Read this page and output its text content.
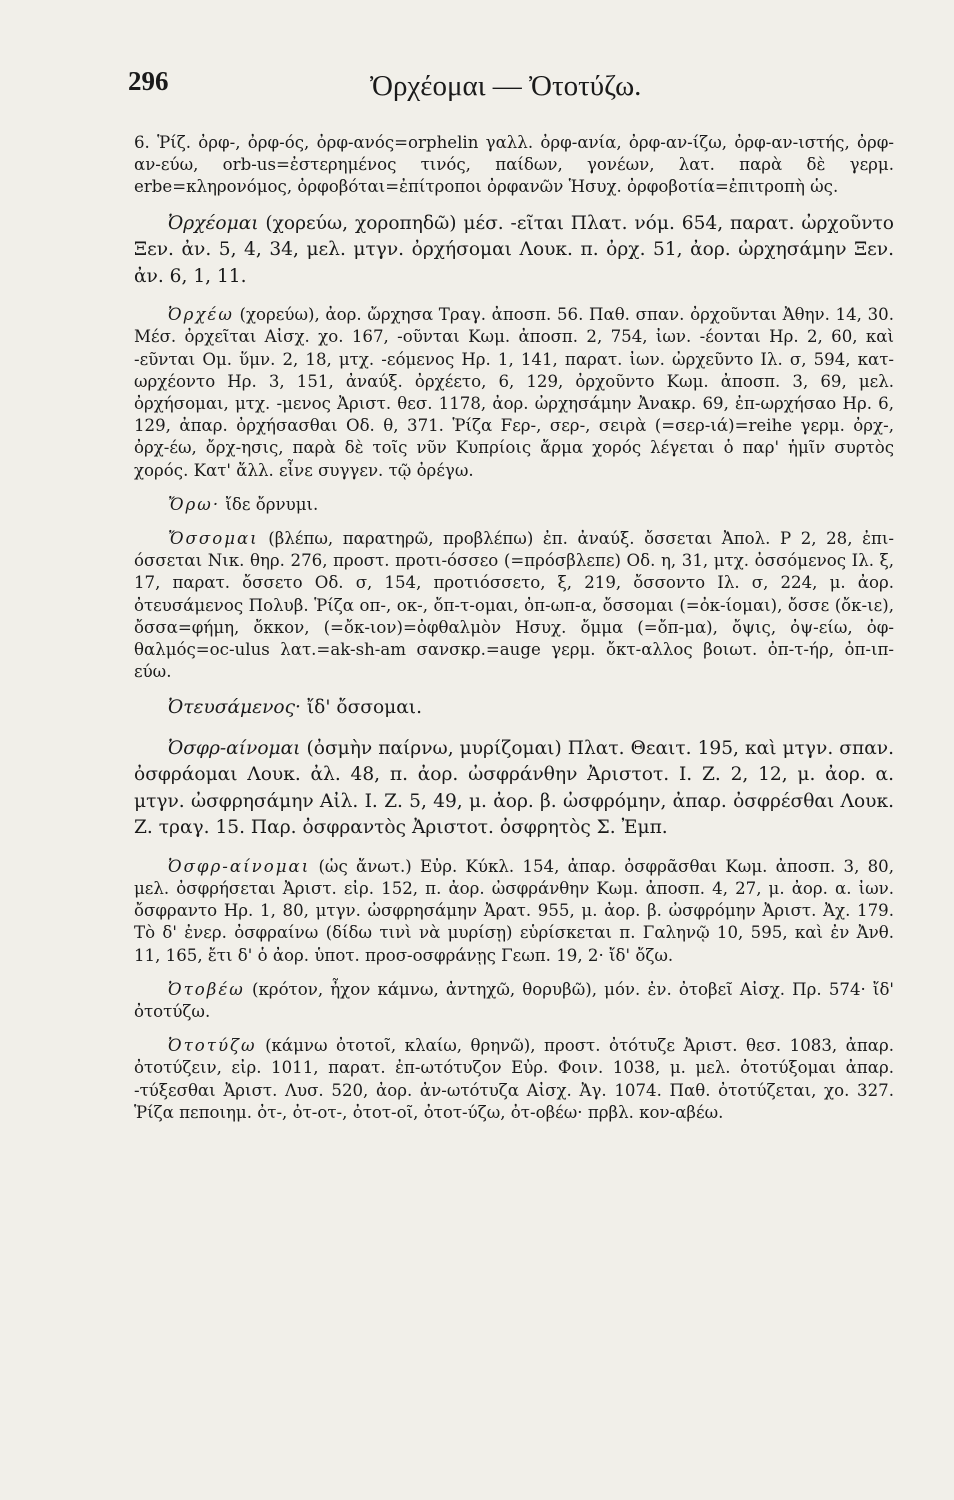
296	Ὀρχέομαι — Ὀτοτύζω.

6. Ῥίζ. ὀρφ-, ὀρφ-ός, ὀρφ-ανός=orphelin γαλλ. ὀρφ-ανία, ὀρφ-αν-ίζω, ὀρφ-αν-ιστής, ὀρφ-αν-εύω, orb-us=ἐστερημένος τινός, παίδων, γονέων, λατ. παρὰ δὲ γερμ. erbe=κληρονόμος, ὀρφοβόται=ἐπίτροποι ὀρφανῶν Ἡσυχ. ὀρφοβοτία=ἐπιτροπὴ ὡς.

Ὀρχέομαι (χορεύω, χοροπηδῶ) μέσ. -εῖται Πλατ. νόμ. 654, παρατ. ὠρχοῦντο Ξεν. ἀν. 5, 4, 34, μελ. μτγν. ὀρχήσομαι Λουκ. π. ὀρχ. 51, ἀορ. ὠρχησάμην Ξεν. ἀν. 6, 1, 11.

Ὀρχέω (χορεύω), ἀορ. ὤρχησα Τραγ. ἀποσπ. 56. Παθ. σπαν. ὀρχοῦνται Ἀθην. 14, 30. Μέσ. ὀρχεῖται Αἰσχ. χο. 167, -οῦνται Κωμ. ἀποσπ. 2, 754, ἰων. -έονται Ηρ. 2, 60, καὶ -εῦνται Ομ. ὕμν. 2, 18, μτχ. -εόμενος Ηρ. 1, 141, παρατ. ἰων. ὠρχεῦντο Ιλ. σ, 594, κατ-ωρχέοντο Ηρ. 3, 151, ἀναύξ. ὀρχέετο, 6, 129, ὀρχοῦντο Κωμ. ἀποσπ. 3, 69, μελ. ὀρχήσομαι, μτχ. -μενος Ἀριστ. θεσ. 1178, ἀορ. ὠρχησάμην Ἀνακρ. 69, ἐπ-ωρχήσαο Ηρ. 6, 129, ἀπαρ. ὀρχήσασθαι Οδ. θ, 371. Ῥίζα Fερ-, σερ-, σειρὰ (=σερ-ιά)=reihe γερμ. ὀρχ-, ὀρχ-έω, ὄρχ-ησις, παρὰ δὲ τοῖς νῦν Κυπρίοις ἄρμα χορός λέγεται ὁ παρ' ἡμῖν συρτὸς χορός. Κατ' ἄλλ. εἶνε συγγεν. τῷ ὀρέγω.

Ὄρω· ἴδε ὄρνυμι.

Ὄσσομαι (βλέπω, παρατηρῶ, προβλέπω) ἐπ. ἀναύξ. ὄσσεται Ἀπολ. Ρ 2, 28, ἐπι-όσσεται Νικ. θηρ. 276, προστ. προτι-όσσεο (=πρόσβλεπε) Οδ. η, 31, μτχ. ὀσσόμενος Ιλ. ξ, 17, παρατ. ὄσσετο Οδ. σ, 154, προτιόσσετο, ξ, 219, ὄσσοντο Ιλ. σ, 224, μ. ἀορ. ὀτευσάμενος Πολυβ. Ῥίζα οπ-, οκ-, ὄπ-τ-ομαι, ὀπ-ωπ-α, ὄσσομαι (=ὀκ-ίομαι), ὄσσε (ὄκ-ιε), ὄσσα=φήμη, ὄκκον, (=ὄκ-ιον)=ὀφθαλμὸν Ησυχ. ὄμμα (=ὄπ-μα), ὄψις, ὀψ-είω, ὀφ-θαλμός=oc-ulus λατ.=ak-sh-am σανσκρ.=auge γερμ. ὄκτ-αλλος βοιωτ. ὀπ-τ-ήρ, ὀπ-ιπ-εύω.

Ὀτευσάμενος· ἴδ' ὄσσομαι.

Ὀσφρ-αίνομαι (ὀσμὴν παίρνω, μυρίζομαι) Πλατ. Θεαιτ. 195, καὶ μτγν. σπαν. ὀσφράομαι Λουκ. ἀλ. 48, π. ἀορ. ὠσφράνθην Ἀριστοτ. Ι. Ζ. 2, 12, μ. ἀορ. α. μτγν. ὠσφρησάμην Αἰλ. Ι. Ζ. 5, 49, μ. ἀορ. β. ὠσφρόμην, ἀπαρ. ὀσφρέσθαι Λουκ. Ζ. τραγ. 15. Παρ. ὀσφραντὸς Ἀριστοτ. ὀσφρητὸς Σ. Ἐμπ.

Ὀσφρ-αίνομαι (ὡς ἄνωτ.) Εὐρ. Κύκλ. 154, ἀπαρ. ὀσφρᾶσθαι Κωμ. ἀποσπ. 3, 80, μελ. ὀσφρήσεται Ἀριστ. εἰρ. 152, π. ἀορ. ὠσφράνθην Κωμ. ἀποσπ. 4, 27, μ. ἀορ. α. ἰων. ὄσφραντο Ηρ. 1, 80, μτγν. ὠσφρησάμην Ἀρατ. 955, μ. ἀορ. β. ὠσφρόμην Ἀριστ. Ἀχ. 179. Τὸ δ' ἐνερ. ὀσφραίνω (δίδω τινὶ νὰ μυρίσῃ) εὑρίσκεται π. Γαληνῷ 10, 595, καὶ ἐν Ἀνθ. 11, 165, ἔτι δ' ὁ ἀορ. ὑποτ. προσ-οσφράνῃς Γεωπ. 19, 2· ἴδ' ὄζω.

Ὀτοβέω (κρότον, ἦχον κάμνω, ἀντηχῶ, θορυβῶ), μόν. ἐν. ὀτοβεῖ Αἰσχ. Πρ. 574· ἴδ' ὀτοτύζω.

Ὀτοτύζω (κάμνω ὀτοτοῖ, κλαίω, θρηνῶ), προστ. ὀτότυζε Ἀριστ. θεσ. 1083, ἀπαρ. ὀτοτύζειν, εἰρ. 1011, παρατ. ἐπ-ωτότυζον Εὐρ. Φοιν. 1038, μ. μελ. ὀτοτύξομαι ἀπαρ. -τύξεσθαι Ἀριστ. Λυσ. 520, ἀορ. ἀν-ωτότυζα Αἰσχ. Ἀγ. 1074. Παθ. ὀτοτύζεται, χο. 327. Ῥίζα πεποιημ. ὀτ-, ὀτ-οτ-, ὀτοτ-οῖ, ὀτοτ-ύζω, ὀτ-οβέω· πρβλ. κον-αβέω.
